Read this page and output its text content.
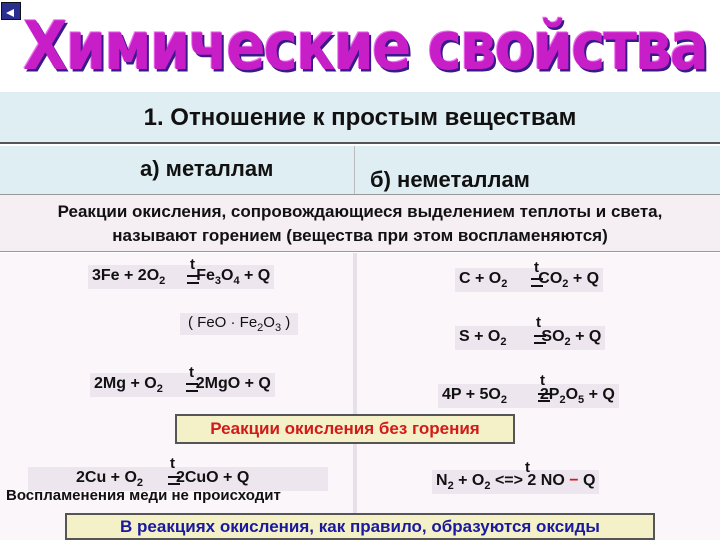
Химические свойства
1. Отношение к простым веществам
а) металлам	б) неметаллам
Реакции окисления, сопровождающиеся выделением теплоты и света,
называют горением (вещества при этом воспламеняются)
$3Fe + 2O_2$ $Fe_3O_4 + Q$
t
( FeO · $Fe_2O_3$ )
$2Mg + O_2$ 2MgO + Q
t
$C + O_2$ $CO_2 + Q$
t
$S + O_2$ $SO_2 + Q$
t
$4P + 5O_2$ $2P_2O_5 + Q$
t
Реакции окисления без горения
$2Cu + O_2$ 2CuO + Q
t
Воспламенения меди не происходит
$N_2 + O_2$ <=> 2 NO − Q
t
В реакциях окисления, как правило, образуются оксиды
